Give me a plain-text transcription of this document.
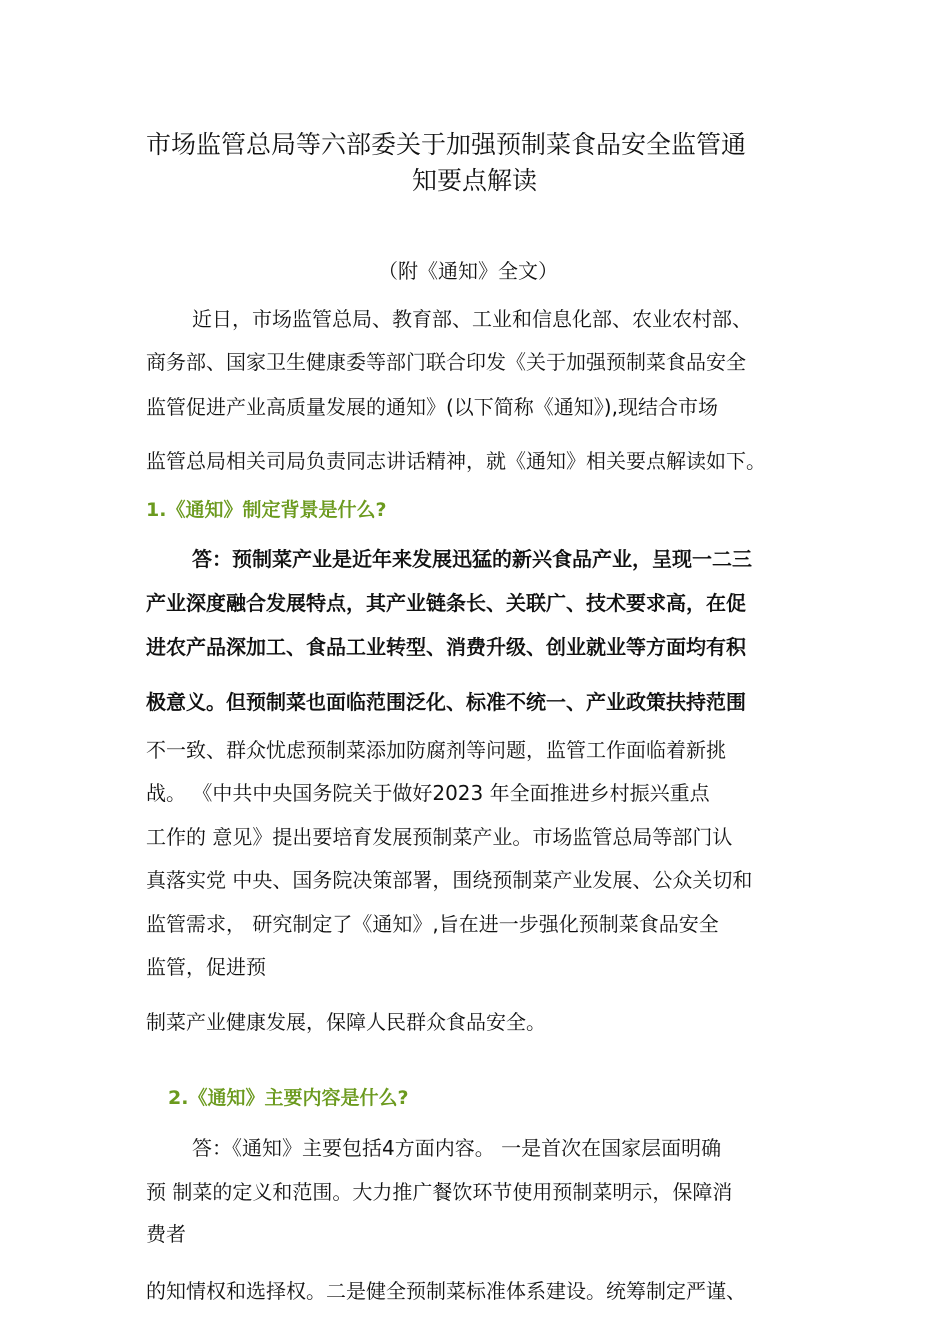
市场监管总局等六部委关于加强预制菜食品安全监管通
知要点解读
（附《通知》全文）
近日，市场监管总局、教育部、工业和信息化部、农业农村部、
商务部、国家卫生健康委等部门联合印发《关于加强预制菜食品安全
监管促进产业高质量发展的通知》(以下简称《通知》),现结合市场
监管总局相关司局负责同志讲话精神，就《通知》相关要点解读如下。
1.《通知》制定背景是什么?
答：预制菜产业是近年来发展迅猛的新兴食品产业，呈现一二三
产业深度融合发展特点，其产业链条长、关联广、技术要求高，在促
进农产品深加工、食品工业转型、消费升级、创业就业等方面均有积
极意义。但预制菜也面临范围泛化、标准不统一、产业政策扶持范围
不一致、群众忧虑预制菜添加防腐剂等问题，监管工作面临着新挑
战。 《中共中央国务院关于做好2023 年全面推进乡村振兴重点
工作的 意见》提出要培育发展预制菜产业。市场监管总局等部门认
真落实党 中央、国务院决策部署，围绕预制菜产业发展、公众关切和
监管需求， 研究制定了《通知》,旨在进一步强化预制菜食品安全
监管，促进预
制菜产业健康发展，保障人民群众食品安全。
2.《通知》主要内容是什么?
答：《通知》主要包括4方面内容。 一是首次在国家层面明确
预 制菜的定义和范围。大力推广餐饮环节使用预制菜明示，保障消
费者
的知情权和选择权。二是健全预制菜标准体系建设。统筹制定严谨、
